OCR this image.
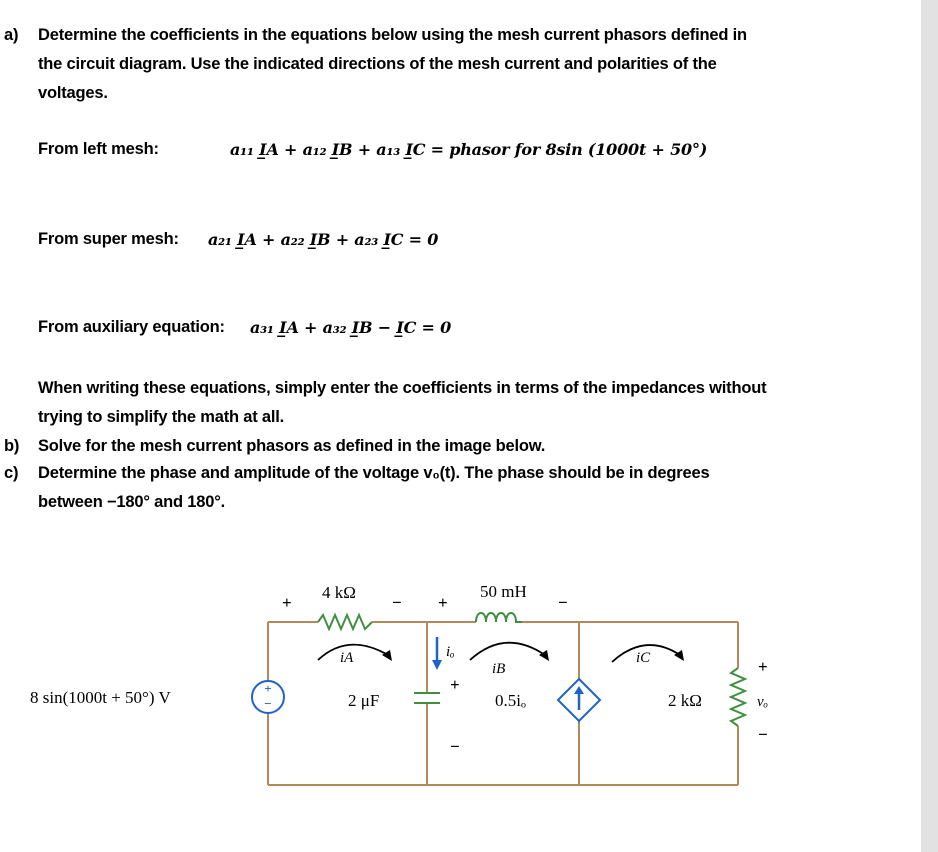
a) Determine the coefficients in the equations below using the mesh current phasors defined in
the circuit diagram. Use the indicated directions of the mesh current and polarities of the
voltages.
From left mesh:	a₁₁ I̲A + a₁₂ I̲B + a₁₃ I̲C = phasor for 8sin (1000t + 50°)
From super mesh: a₂₁ I̲A + a₂₂ I̲B + a₂₃ I̲C = 0
From auxiliary equation: a₃₁ I̲A + a₃₂ I̲B − I̲C = 0
When writing these equations, simply enter the coefficients in terms of the impedances without
trying to simplify the math at all.
b) Solve for the mesh current phasors as defined in the image below.
c) Determine the phase and amplitude of the voltage v₀(t). The phase should be in degrees
between −180° and 180°.
+
−
4 kΩ
+	−
50 mH
+	−
8 sin(1000t + 50°) V
iA
2 μF
iₒ
+
−
iB
0.5iₒ
iC
2 kΩ
+
vₒ
−
